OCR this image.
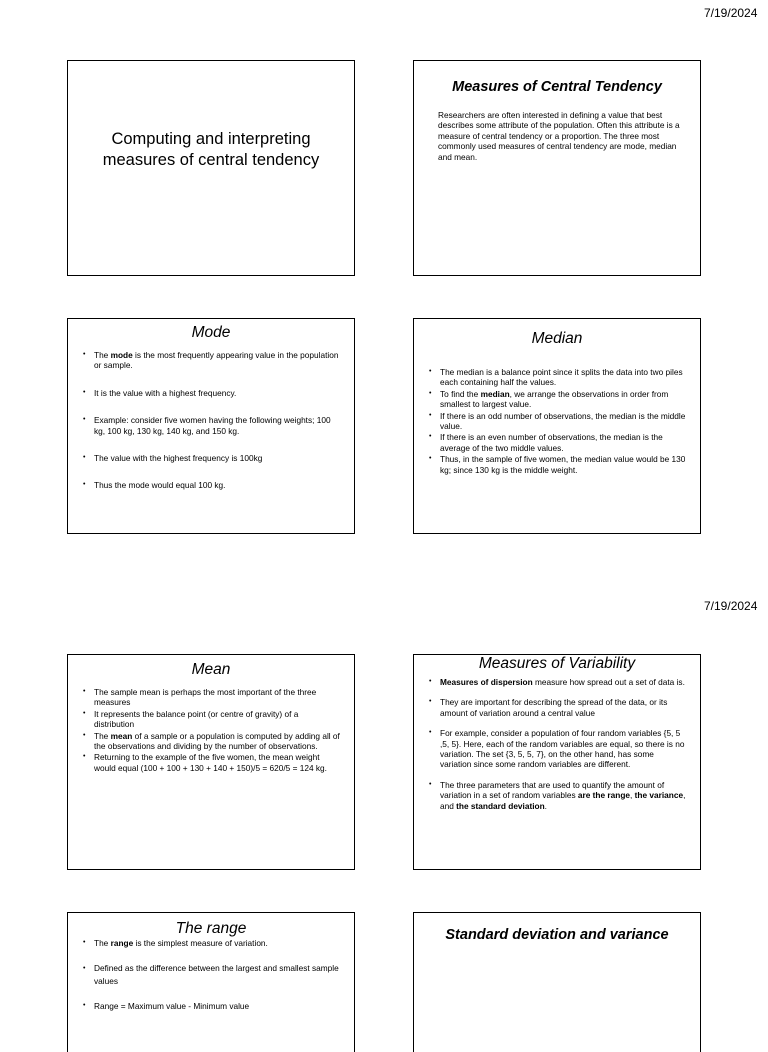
7/19/2024
7/19/2024
Computing and interpreting measures of central tendency
Measures of Central Tendency
Researchers are often interested in defining a value that best describes some attribute of the population. Often this attribute is a measure of central tendency or a proportion. The three most commonly used measures of central tendency are mode, median and mean.
Mode
• The mode is the most frequently appearing value in the population or sample.
• It is the value with a highest frequency.
• Example: consider five women having the following weights; 100 kg, 100 kg, 130 kg, 140 kg, and 150 kg.
• The value with the highest frequency is 100kg
• Thus the mode would equal 100 kg.
Median
• The median is a balance point since it splits the data into two piles each containing half the values.
• To find the median, we arrange the observations in order from smallest to largest value.
• If there is an odd number of observations, the median is the middle value.
• If there is an even number of observations, the median is the average of the two middle values.
• Thus, in the sample of five women, the median value would be 130 kg; since 130 kg is the middle weight.
Mean
• The sample mean is perhaps the most important of the three measures
• It represents the balance point (or centre of gravity) of a distribution
• The mean of a sample or a population is computed by adding all of the observations and dividing by the number of observations.
• Returning to the example of the five women, the mean weight would equal (100 + 100 + 130 + 140 + 150)/5 = 620/5 = 124 kg.
Measures of Variability
• Measures of dispersion measure how spread out a set of data is.
• They are important for describing the spread of the data, or its amount of variation around a central value
• For example, consider a population of four random variables {5, 5 ,5, 5}. Here, each of the random variables are equal, so there is no variation. The set {3, 5, 5, 7}, on the other hand, has some variation since some random variables are different.
• The three parameters that are used to quantify the amount of variation in a set of random variables are the range, the variance, and the standard deviation.
The range
• The range is the simplest measure of variation.
• Defined as the difference between the largest and smallest sample values
• Range = Maximum value - Minimum value
Standard deviation and variance
